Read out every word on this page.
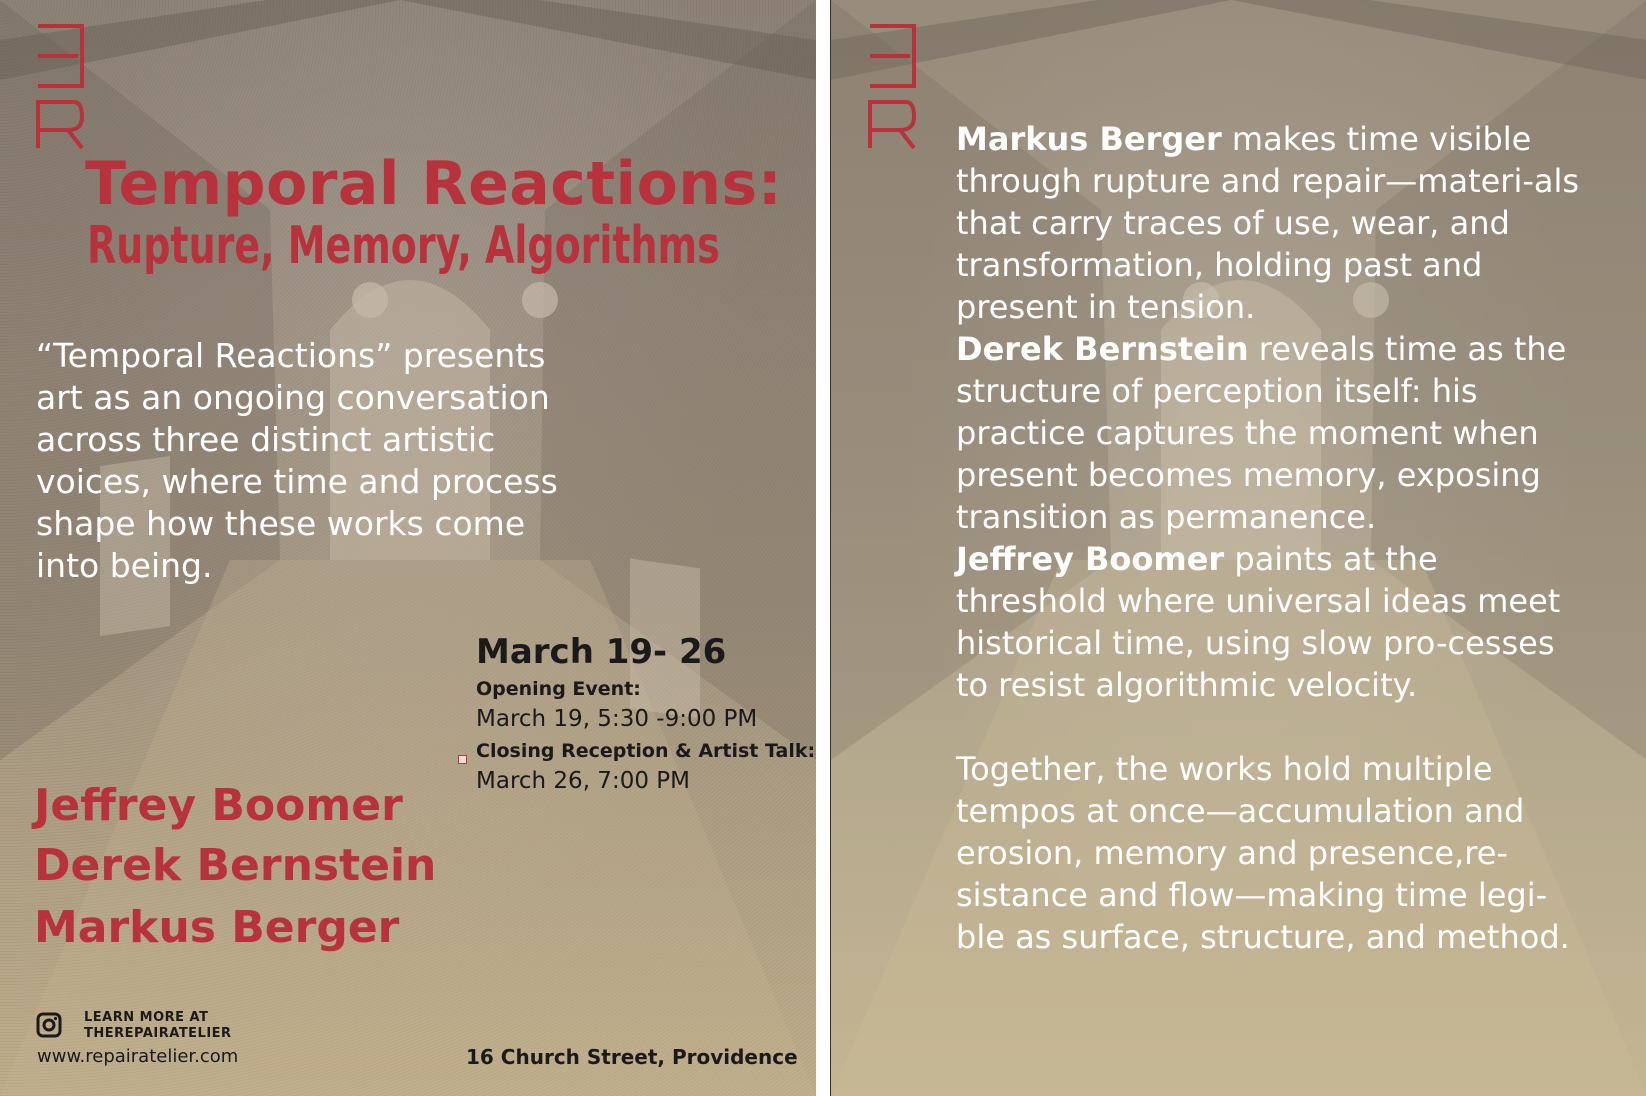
Temporal Reactions:
Rupture, Memory, Algorithms

“Temporal Reactions” presents art as an ongoing conversation across three distinct artistic voices, where time and process shape how these works come into being.

March 19- 26
Opening Event:
March 19, 5:30 -9:00 PM
Closing Reception & Artist Talk:
March 26, 7:00 PM
Jeffrey Boomer
Derek Bernstein
Markus Berger
LEARN MORE AT
THEREPAIRATELIER
www.repairatelier.com	16 Church Street, Providence

Markus Berger makes time visible through rupture and repair—materi-als that carry traces of use, wear, and transformation, holding past and present in tension.

Derek Bernstein reveals time as the structure of perception itself: his practice captures the moment when present becomes memory, exposing transition as permanence.

Jeffrey Boomer paints at the threshold where universal ideas meet historical time, using slow pro-cesses to resist algorithmic velocity.

Together, the works hold multiple tempos at once—accumulation and erosion, memory and presence,re-sistance and flow—making time legi-ble as surface, structure, and method.
